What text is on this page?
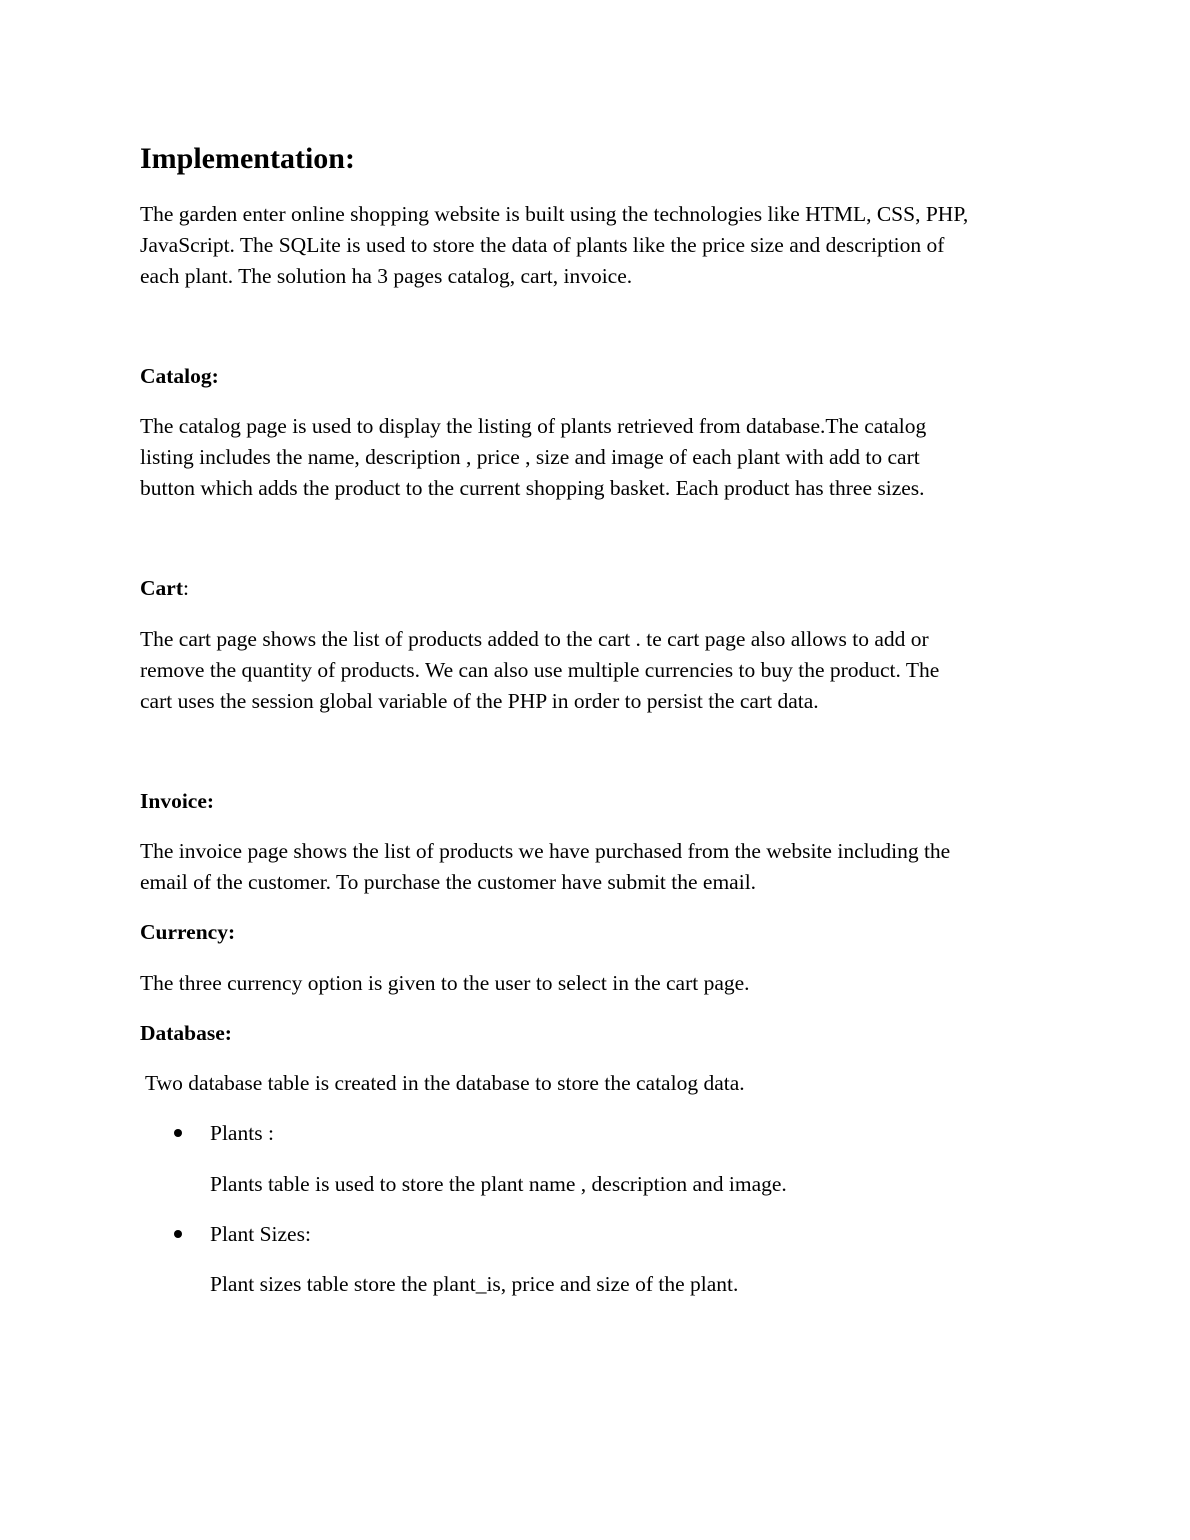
Implementation:
The garden enter online shopping website is built using the technologies like HTML, CSS, PHP,
JavaScript. The SQLite is used to store the data of plants like the price size and description of
each plant. The solution ha 3 pages catalog, cart, invoice.
Catalog:
The catalog page is used to display the listing of plants retrieved from database.The catalog
listing includes the name, description , price , size and image of each plant with add to cart
button which adds the product to the current shopping basket. Each product has three sizes.
Cart:
The cart page shows the list of products added to the cart . te cart page also allows to add or
remove the quantity of products. We can also use multiple currencies to buy the product. The
cart uses the session global variable of the PHP in order to persist the cart data.
Invoice:
The invoice page shows the list of products we have purchased from the website including the
email of the customer. To purchase the customer have submit the email.
Currency:
The three currency option is given to the user to select in the cart page.
Database:
Two database table is created in the database to store the catalog data.
Plants :
Plants table is used to store the plant name , description and image.
Plant Sizes:
Plant sizes table store the plant_is, price and size of the plant.
